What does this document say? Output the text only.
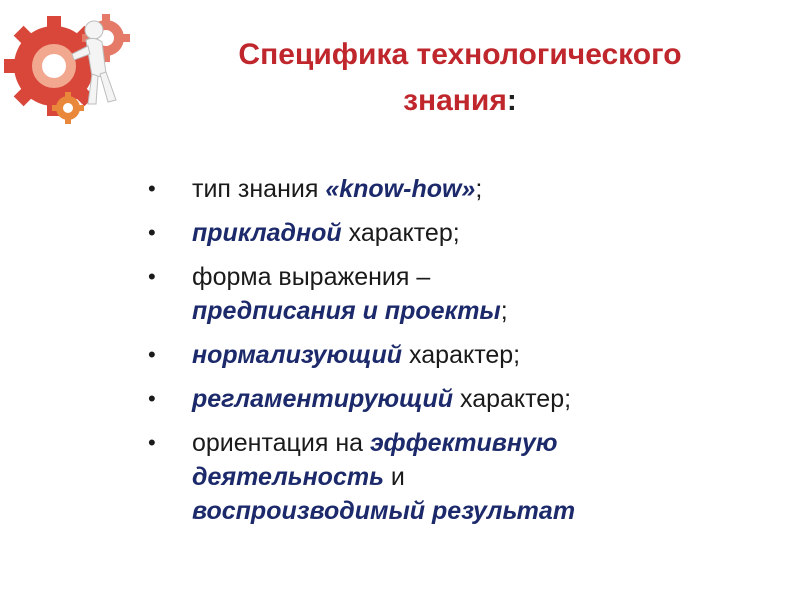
Специфика технологического
знания:
• тип знания «know-how»;
• прикладной характер;
• форма выражения –
предписания и проекты;
• нормализующий характер;
• регламентирующий характер;
• ориентация на эффективную деятельность и
воспроизводимый результат
